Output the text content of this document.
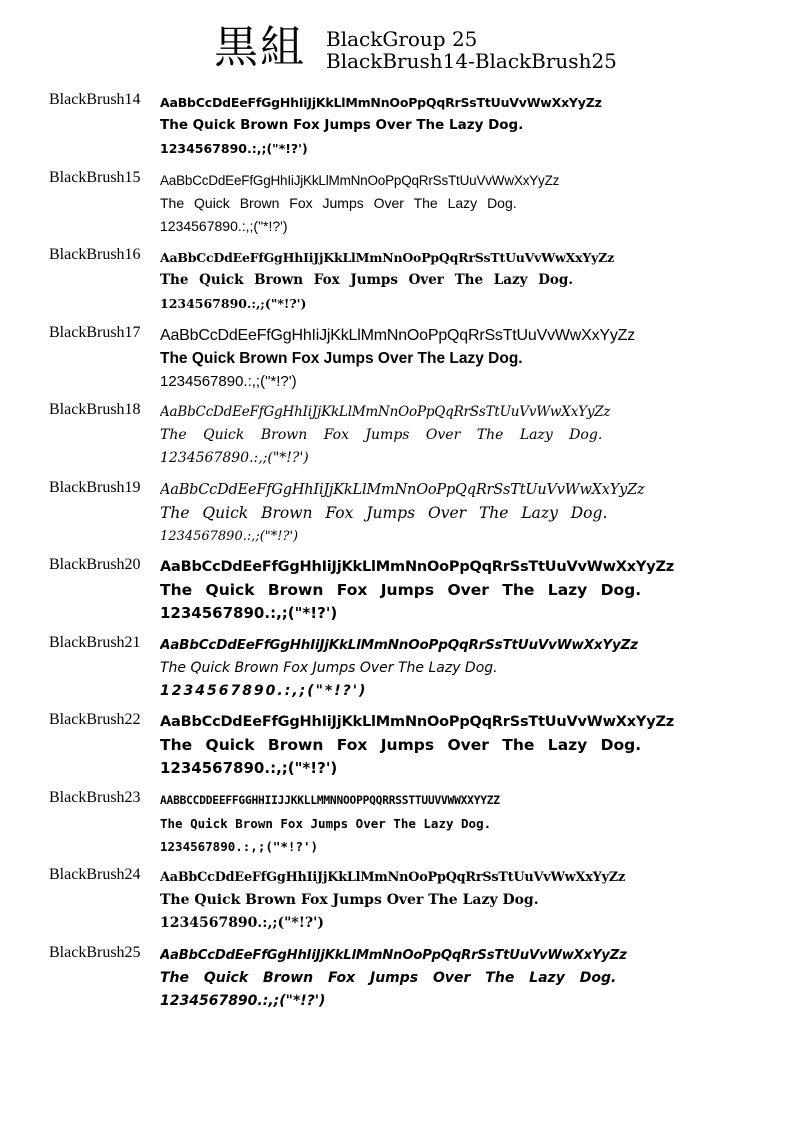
黒組 BlackGroup 25
BlackBrush14-BlackBrush25
BlackBrush14 AaBbCcDdEeFfGgHhIiJjKkLlMmNnOoPpQqRrSsTtUuVvWwXxYyZz
The Quick Brown Fox Jumps Over The Lazy Dog.
1234567890.:,;("*!?')
BlackBrush15 AaBbCcDdEeFfGgHhIiJjKkLlMmNnOoPpQqRrSsTtUuVvWwXxYyZz
The Quick Brown Fox Jumps Over The Lazy Dog.
1234567890.:,;("*!?')
BlackBrush16 AaBbCcDdEeFfGgHhIiJjKkLlMmNnOoPpQqRrSsTtUuVvWwXxYyZz
The Quick Brown Fox Jumps Over The Lazy Dog.
1234567890.:,;("*!?')
BlackBrush17 AaBbCcDdEeFfGgHhIiJjKkLlMmNnOoPpQqRrSsTtUuVvWwXxYyZz
The Quick Brown Fox Jumps Over The Lazy Dog.
1234567890.:,;("*!?')
BlackBrush18 AaBbCcDdEeFfGgHhIiJjKkLlMmNnOoPpQqRrSsTtUuVvWwXxYyZz
The Quick Brown Fox Jumps Over The Lazy Dog.
1234567890.:,;("*!?')
BlackBrush19 AaBbCcDdEeFfGgHhIiJjKkLlMmNnOoPpQqRrSsTtUuVvWwXxYyZz
The Quick Brown Fox Jumps Over The Lazy Dog.
1234567890.:,;("*!?')
BlackBrush20 AaBbCcDdEeFfGgHhIiJjKkLlMmNnOoPpQqRrSsTtUuVvWwXxYyZz
The Quick Brown Fox Jumps Over The Lazy Dog.
1234567890.:,;("*!?')
BlackBrush21 AaBbCcDdEeFfGgHhIiJjKkLlMmNnOoPpQqRrSsTtUuVvWwXxYyZz
The Quick Brown Fox Jumps Over The Lazy Dog.
1234567890.:,;("*!?')
BlackBrush22 AaBbCcDdEeFfGgHhIiJjKkLlMmNnOoPpQqRrSsTtUuVvWwXxYyZz
The Quick Brown Fox Jumps Over The Lazy Dog.
1234567890.:,;("*!?')
BlackBrush23 AABBCCDDEEFFGGHHIIJJKKLLMMNNOOPPQQRRSSTTUUVVWWXXYYZZ
The Quick Brown Fox Jumps Over The Lazy Dog.
1234567890.:,;("*!?')
BlackBrush24 AaBbCcDdEeFfGgHhIiJjKkLlMmNnOoPpQqRrSsTtUuVvWwXxYyZz
The Quick Brown Fox Jumps Over The Lazy Dog.
1234567890.:,;("*!?')
BlackBrush25 AaBbCcDdEeFfGgHhIiJjKkLlMmNnOoPpQqRrSsTtUuVvWwXxYyZz
The Quick Brown Fox Jumps Over The Lazy Dog.
1234567890.:,;("*!?')
